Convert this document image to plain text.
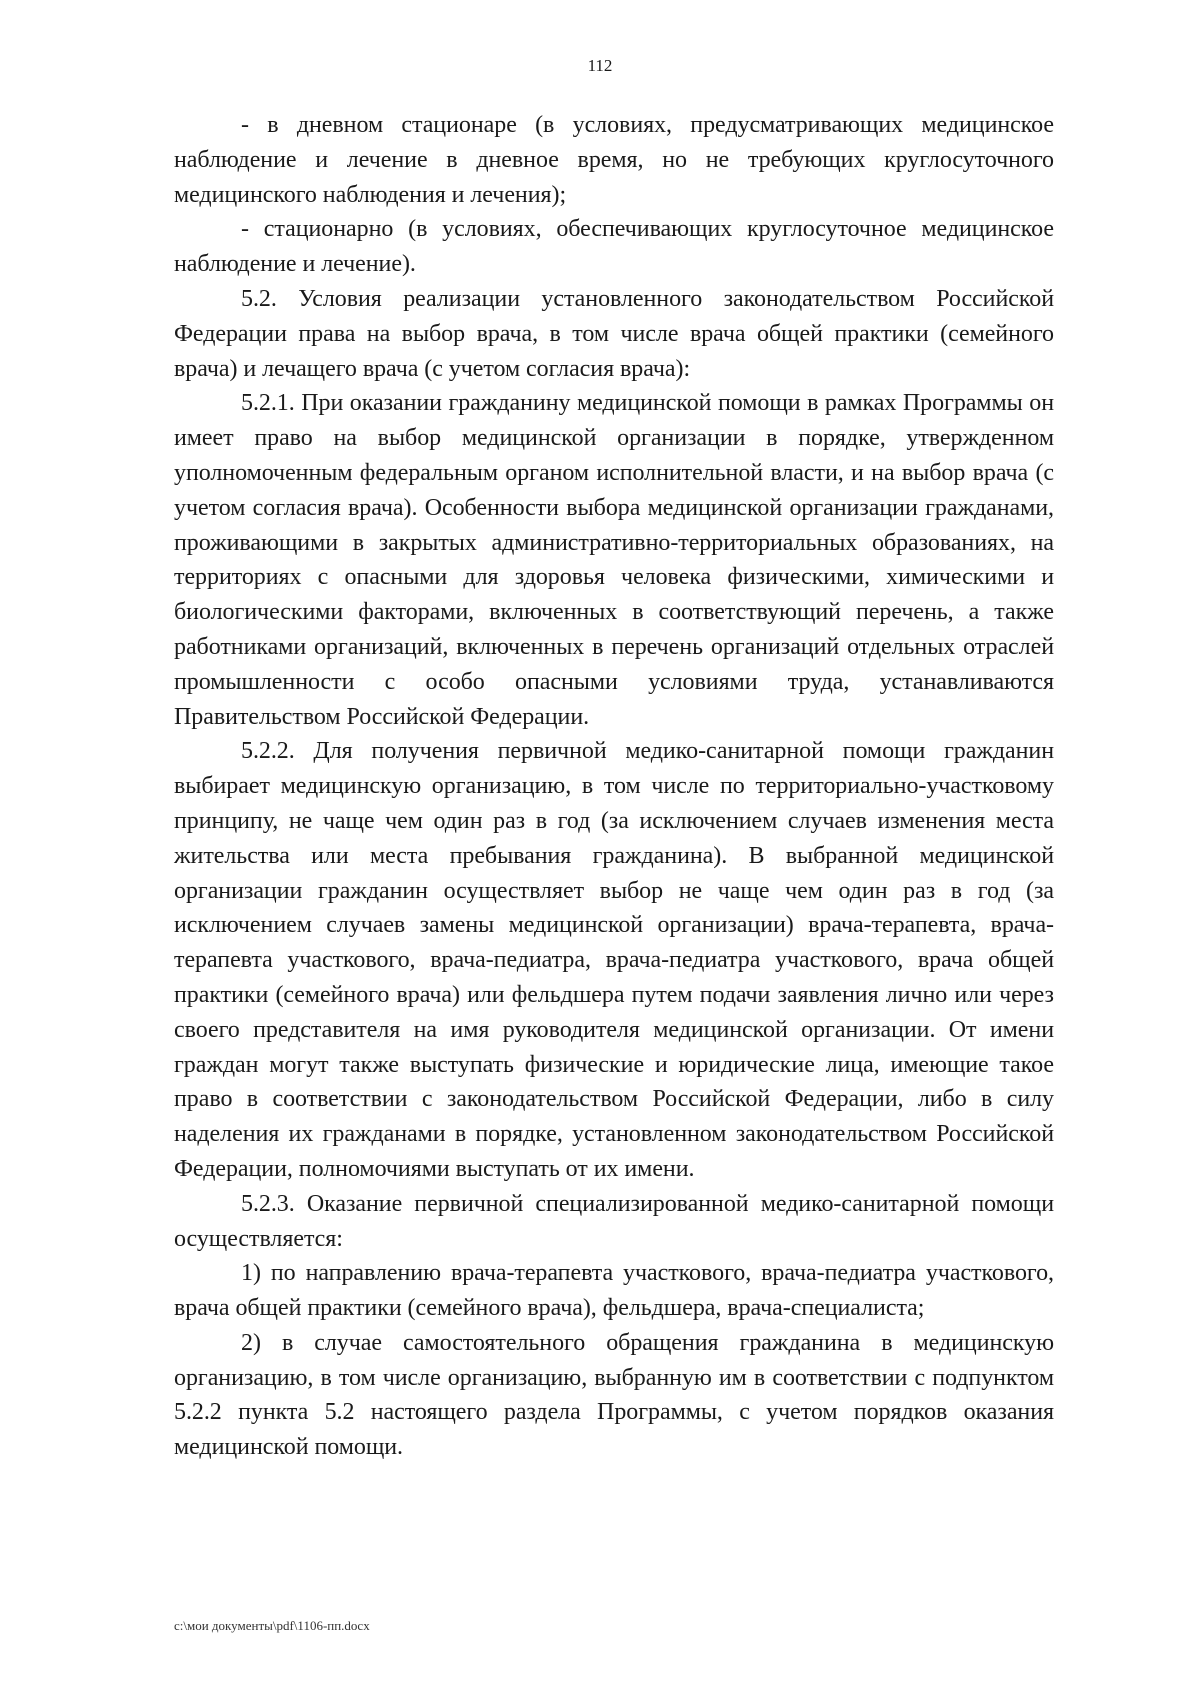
112

- в дневном стационаре (в условиях, предусматривающих медицинское наблюдение и лечение в дневное время, но не требующих круглосуточного медицинского наблюдения и лечения);

- стационарно (в условиях, обеспечивающих круглосуточное медицинское наблюдение и лечение).

5.2. Условия реализации установленного законодательством Российской Федерации права на выбор врача, в том числе врача общей практики (семейного врача) и лечащего врача (с учетом согласия врача):

5.2.1. При оказании гражданину медицинской помощи в рамках Программы он имеет право на выбор медицинской организации в порядке, утвержденном уполномоченным федеральным органом исполнительной власти, и на выбор врача (с учетом согласия врача). Особенности выбора медицинской организации гражданами, проживающими в закрытых административно-территориальных образованиях, на территориях с опасными для здоровья человека физическими, химическими и биологическими факторами, включенных в соответствующий перечень, а также работниками организаций, включенных в перечень организаций отдельных отраслей промышленности с особо опасными условиями труда, устанавливаются Правительством Российской Федерации.

5.2.2. Для получения первичной медико-санитарной помощи гражданин выбирает медицинскую организацию, в том числе по территориально-участковому принципу, не чаще чем один раз в год (за исключением случаев изменения места жительства или места пребывания гражданина). В выбранной медицинской организации гражданин осуществляет выбор не чаще чем один раз в год (за исключением случаев замены медицинской организации) врача-терапевта, врача-терапевта участкового, врача-педиатра, врача-педиатра участкового, врача общей практики (семейного врача) или фельдшера путем подачи заявления лично или через своего представителя на имя руководителя медицинской организации. От имени граждан могут также выступать физические и юридические лица, имеющие такое право в соответствии с законодательством Российской Федерации, либо в силу наделения их гражданами в порядке, установленном законодательством Российской Федерации, полномочиями выступать от их имени.

5.2.3. Оказание первичной специализированной медико-санитарной помощи осуществляется:

1) по направлению врача-терапевта участкового, врача-педиатра участкового, врача общей практики (семейного врача), фельдшера, врача-специалиста;

2) в случае самостоятельного обращения гражданина в медицинскую организацию, в том числе организацию, выбранную им в соответствии с подпунктом 5.2.2 пункта 5.2 настоящего раздела Программы, с учетом порядков оказания медицинской помощи.

c:\мои документы\pdf\1106-пп.docx
